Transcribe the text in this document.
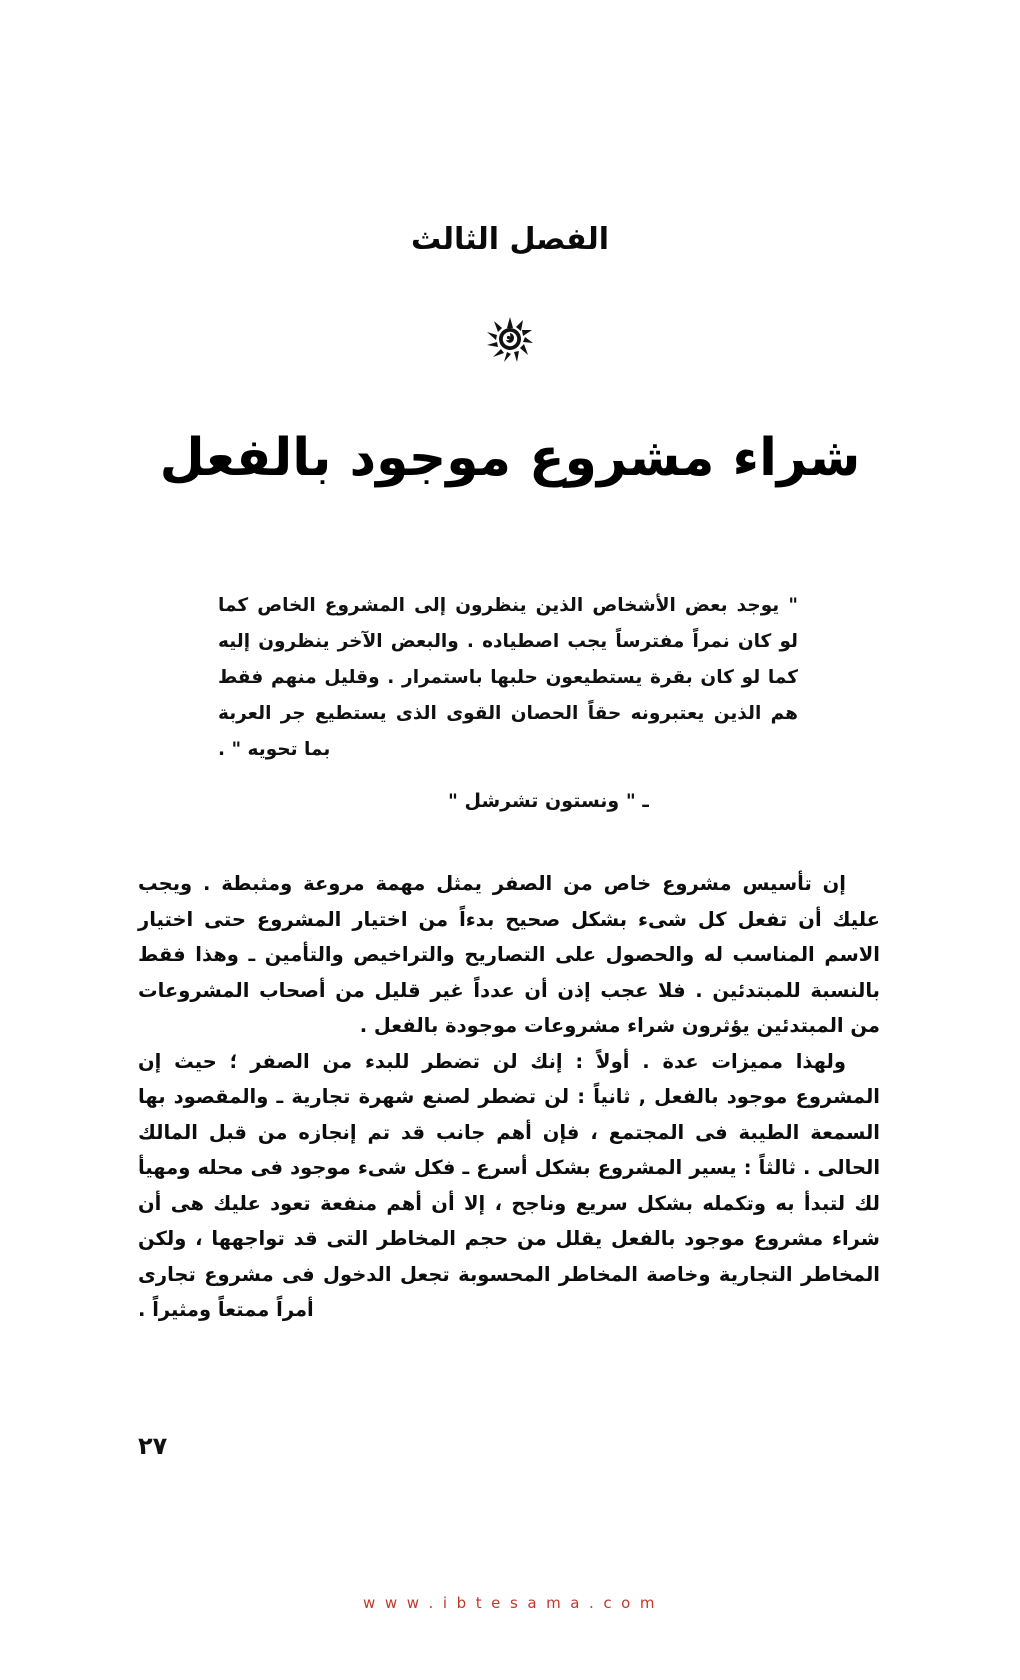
الفصل الثالث
شراء مشروع موجود بالفعل
" يوجد بعض الأشخاص الذين ينظرون إلى المشروع الخاص كما لو كان نمراً مفترساً يجب اصطياده . والبعض الآخر ينظرون إليه كما لو كان بقرة يستطيعون حلبها باستمرار . وقليل منهم فقط هم الذين يعتبرونه حقاً الحصان القوى الذى يستطيع جر العربة بما تحويه " .
ـ " ونستون تشرشل "

إن تأسيس مشروع خاص من الصفر يمثل مهمة مروعة ومثبطة . ويجب عليك أن تفعل كل شىء بشكل صحيح بدءاً من اختيار المشروع حتى اختيار الاسم المناسب له والحصول على التصاريح والتراخيص والتأمين ـ وهذا فقط بالنسبة للمبتدئين . فلا عجب إذن أن عدداً غير قليل من أصحاب المشروعات من المبتدئين يؤثرون شراء مشروعات موجودة بالفعل .

ولهذا مميزات عدة . أولاً : إنك لن تضطر للبدء من الصفر ؛ حيث إن المشروع موجود بالفعل , ثانياً : لن تضطر لصنع شهرة تجارية ـ والمقصود بها السمعة الطيبة فى المجتمع ، فإن أهم جانب قد تم إنجازه من قبل المالك الحالى . ثالثاً : يسير المشروع بشكل أسرع ـ فكل شىء موجود فى محله ومهيأ لك لتبدأ به وتكمله بشكل سريع وناجح ، إلا أن أهم منفعة تعود عليك هى أن شراء مشروع موجود بالفعل يقلل من حجم المخاطر التى قد تواجهها ، ولكن المخاطر التجارية وخاصة المخاطر المحسوبة تجعل الدخول فى مشروع تجارى أمراً ممتعاً ومثيراً .

٢٧
w w w . i b t e s a m a . c o m
